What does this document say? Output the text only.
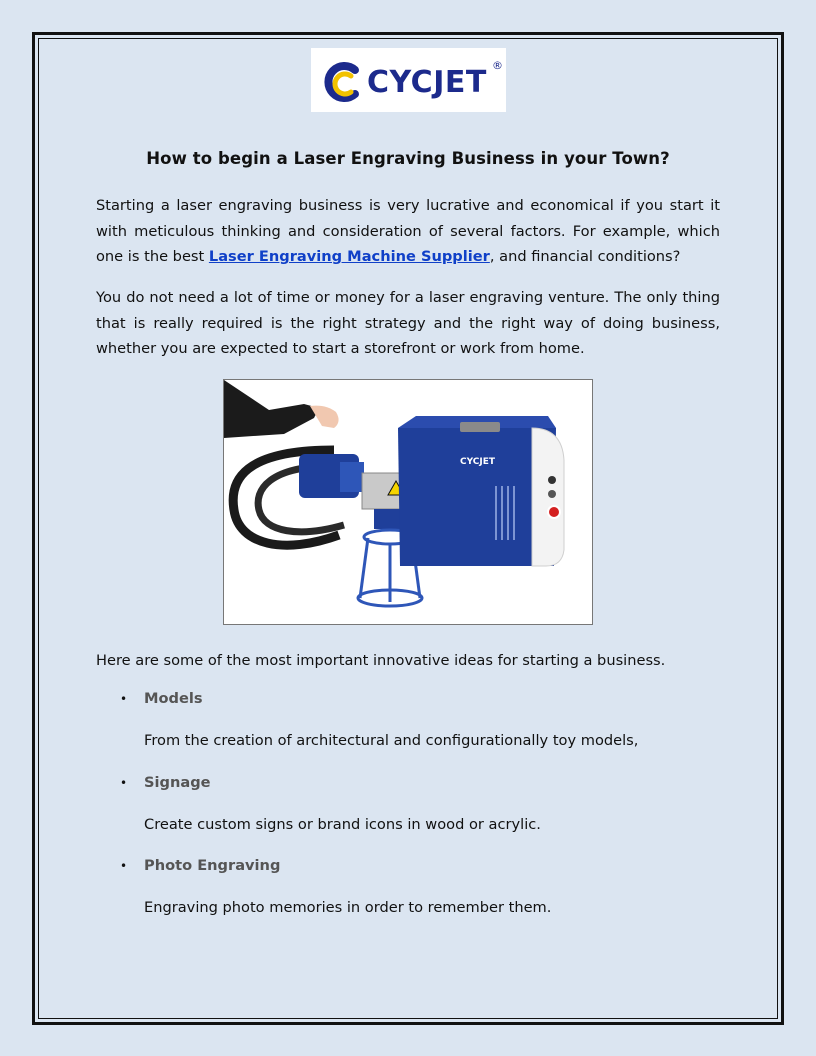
CYCJET ®
How to begin a Laser Engraving Business in your Town?

Starting a laser engraving business is very lucrative and economical if you start it with meticulous thinking and consideration of several factors. For example, which one is the best Laser Engraving Machine Supplier, and financial conditions?

You do not need a lot of time or money for a laser engraving venture. The only thing that is really required is the right strategy and the right way of doing business, whether you are expected to start a storefront or work from home.

CYCJET

Here are some of the most important innovative ideas for starting a business.

•	Models

From the creation of architectural and configurationally toy models,

•	Signage

Create custom signs or brand icons in wood or acrylic.

•	Photo Engraving

Engraving photo memories in order to remember them.
